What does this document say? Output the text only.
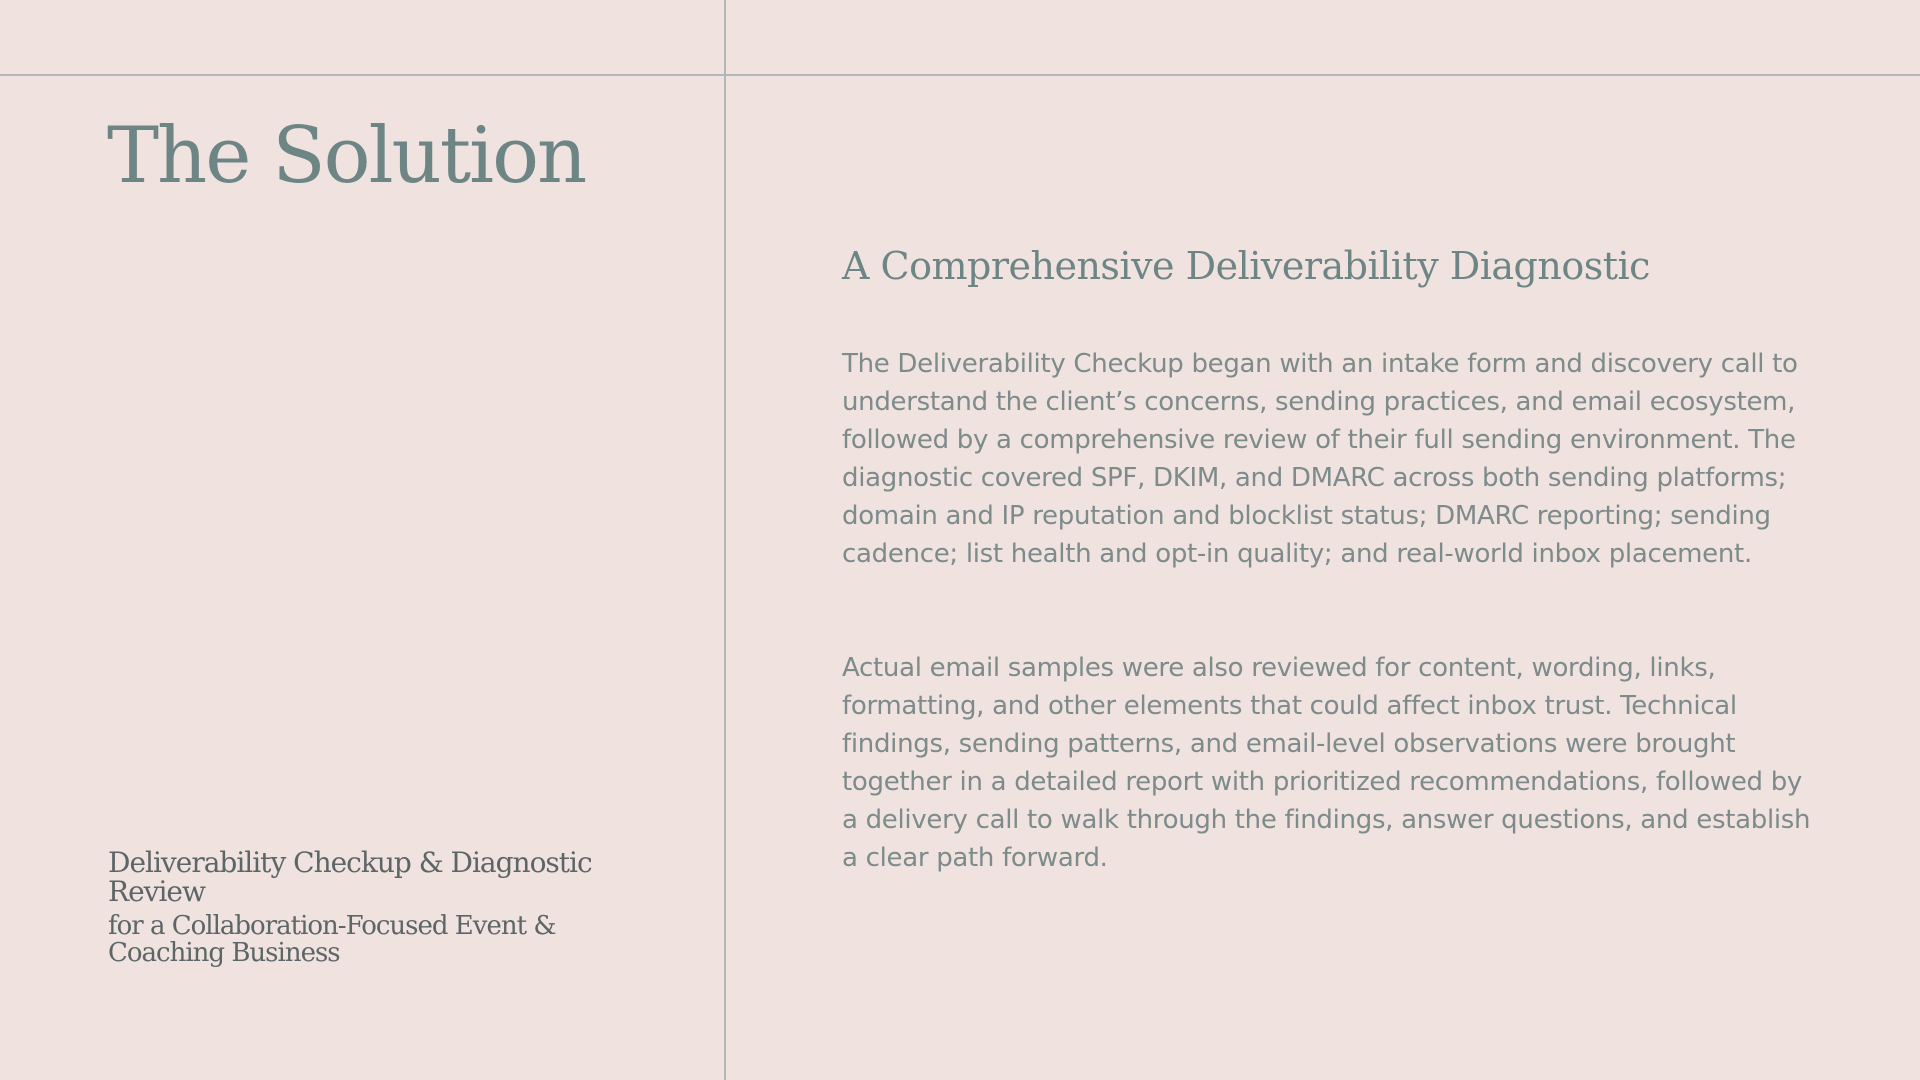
The Solution
Deliverability Checkup & Diagnostic Review
for a Collaboration-Focused Event & Coaching Business
A Comprehensive Deliverability Diagnostic

The Deliverability Checkup began with an intake form and discovery call to understand the client’s concerns, sending practices, and email ecosystem, followed by a comprehensive review of their full sending environment. The diagnostic covered SPF, DKIM, and DMARC across both sending platforms; domain and IP reputation and blocklist status; DMARC reporting; sending cadence; list health and opt-in quality; and real-world inbox placement.

Actual email samples were also reviewed for content, wording, links, formatting, and other elements that could affect inbox trust. Technical findings, sending patterns, and email-level observations were brought together in a detailed report with prioritized recommendations, followed by a delivery call to walk through the findings, answer questions, and establish a clear path forward.
